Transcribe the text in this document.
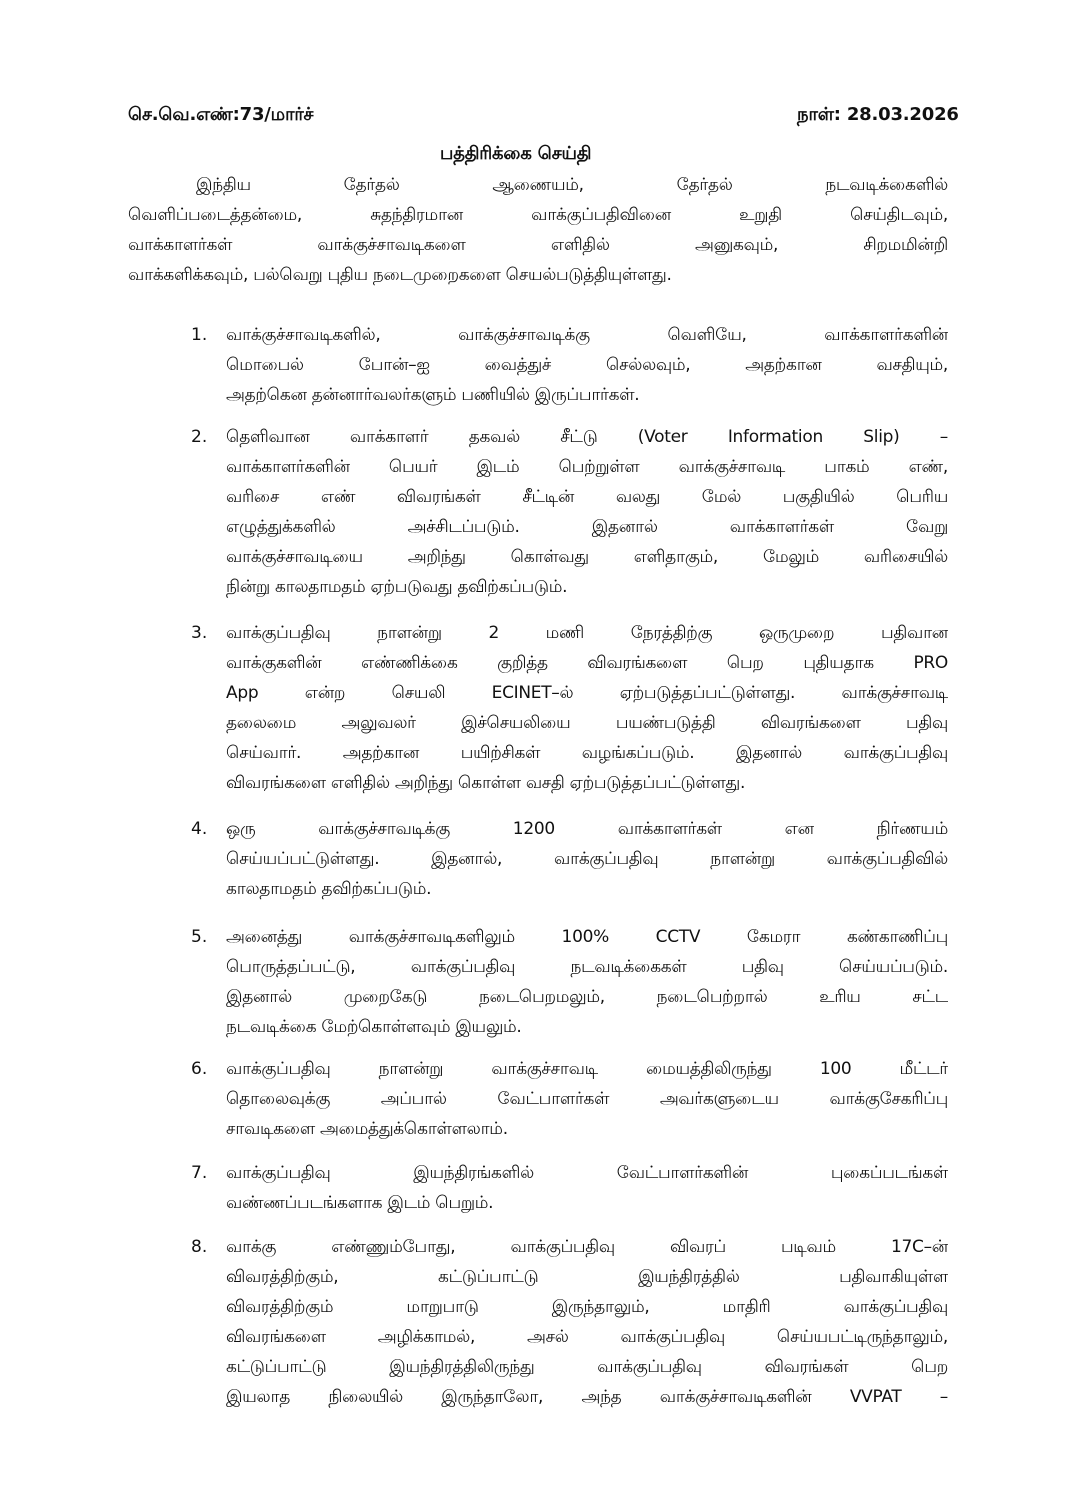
செ.வெ.எண்:73/மார்ச்	நாள்: 28.03.2026
பத்திரிக்கை செய்தி
இந்திய தேர்தல் ஆணையம், தேர்தல் நடவடிக்கைளில்
வெளிப்படைத்தன்மை, சுதந்திரமான வாக்குப்பதிவினை உறுதி செய்திடவும்,
வாக்காளர்கள் வாக்குச்சாவடிகளை எளிதில் அனுகவும், சிறமமின்றி
வாக்களிக்கவும், பல்வெறு புதிய நடைமுறைகளை செயல்படுத்தியுள்ளது.
1. வாக்குச்சாவடிகளில், வாக்குச்சாவடிக்கு வெளியே, வாக்காளர்களின்
மொபைல் போன்–ஐ வைத்துச் செல்லவும், அதற்கான வசதியும்,
அதற்கென தன்னார்வலர்களும் பணியில் இருப்பார்கள்.
2. தெளிவான வாக்காளர் தகவல் சீட்டு (Voter Information Slip) –
வாக்காளர்களின் பெயர் இடம் பெற்றுள்ள வாக்குச்சாவடி பாகம் எண்,
வரிசை எண் விவரங்கள் சீட்டின் வலது மேல் பகுதியில் பெரிய
எழுத்துக்களில் அச்சிடப்படும். இதனால் வாக்காளர்கள் வேறு
வாக்குச்சாவடியை அறிந்து கொள்வது எளிதாகும், மேலும் வரிசையில்
நின்று காலதாமதம் ஏற்படுவது தவிற்கப்படும்.
3. வாக்குப்பதிவு நாளன்று 2 மணி நேரத்திற்கு ஒருமுறை பதிவான
வாக்குகளின் எண்ணிக்கை குறித்த விவரங்களை பெற புதியதாக PRO
App என்ற செயலி ECINET–ல் ஏற்படுத்தப்பட்டுள்ளது. வாக்குச்சாவடி
தலைமை அலுவலர் இச்செயலியை பயண்படுத்தி விவரங்களை பதிவு
செய்வார். அதற்கான பயிற்சிகள் வழங்கப்படும். இதனால் வாக்குப்பதிவு
விவரங்களை எளிதில் அறிந்து கொள்ள வசதி ஏற்படுத்தப்பட்டுள்ளது.
4. ஒரு வாக்குச்சாவடிக்கு 1200 வாக்காளர்கள் என நிர்ணயம்
செய்யப்பட்டுள்ளது. இதனால், வாக்குப்பதிவு நாளன்று வாக்குப்பதிவில்
காலதாமதம் தவிற்கப்படும்.
5. அனைத்து வாக்குச்சாவடிகளிலும் 100% CCTV கேமரா கண்காணிப்பு
பொருத்தப்பட்டு, வாக்குப்பதிவு நடவடிக்கைகள் பதிவு செய்யப்படும்.
இதனால் முறைகேடு நடைபெறமலும், நடைபெற்றால் உரிய சட்ட
நடவடிக்கை மேற்கொள்ளவும் இயலும்.
6. வாக்குப்பதிவு நாளன்று வாக்குச்சாவடி மையத்திலிருந்து 100 மீட்டர்
தொலைவுக்கு அப்பால் வேட்பாளர்கள் அவர்களுடைய வாக்குசேகரிப்பு
சாவடிகளை அமைத்துக்கொள்ளலாம்.
7. வாக்குப்பதிவு இயந்திரங்களில் வேட்பாளர்களின் புகைப்படங்கள்
வண்ணப்படங்களாக இடம் பெறும்.
8. வாக்கு எண்ணும்போது, வாக்குப்பதிவு விவரப் படிவம் 17C–ன்
விவரத்திற்கும், கட்டுப்பாட்டு இயந்திரத்தில் பதிவாகியுள்ள
விவரத்திற்கும் மாறுபாடு இருந்தாலும், மாதிரி வாக்குப்பதிவு
விவரங்களை அழிக்காமல், அசல் வாக்குப்பதிவு செய்யபட்டிருந்தாலும்,
கட்டுப்பாட்டு இயந்திரத்திலிருந்து வாக்குப்பதிவு விவரங்கள் பெற
இயலாத நிலையில் இருந்தாலோ, அந்த வாக்குச்சாவடிகளின் VVPAT –
